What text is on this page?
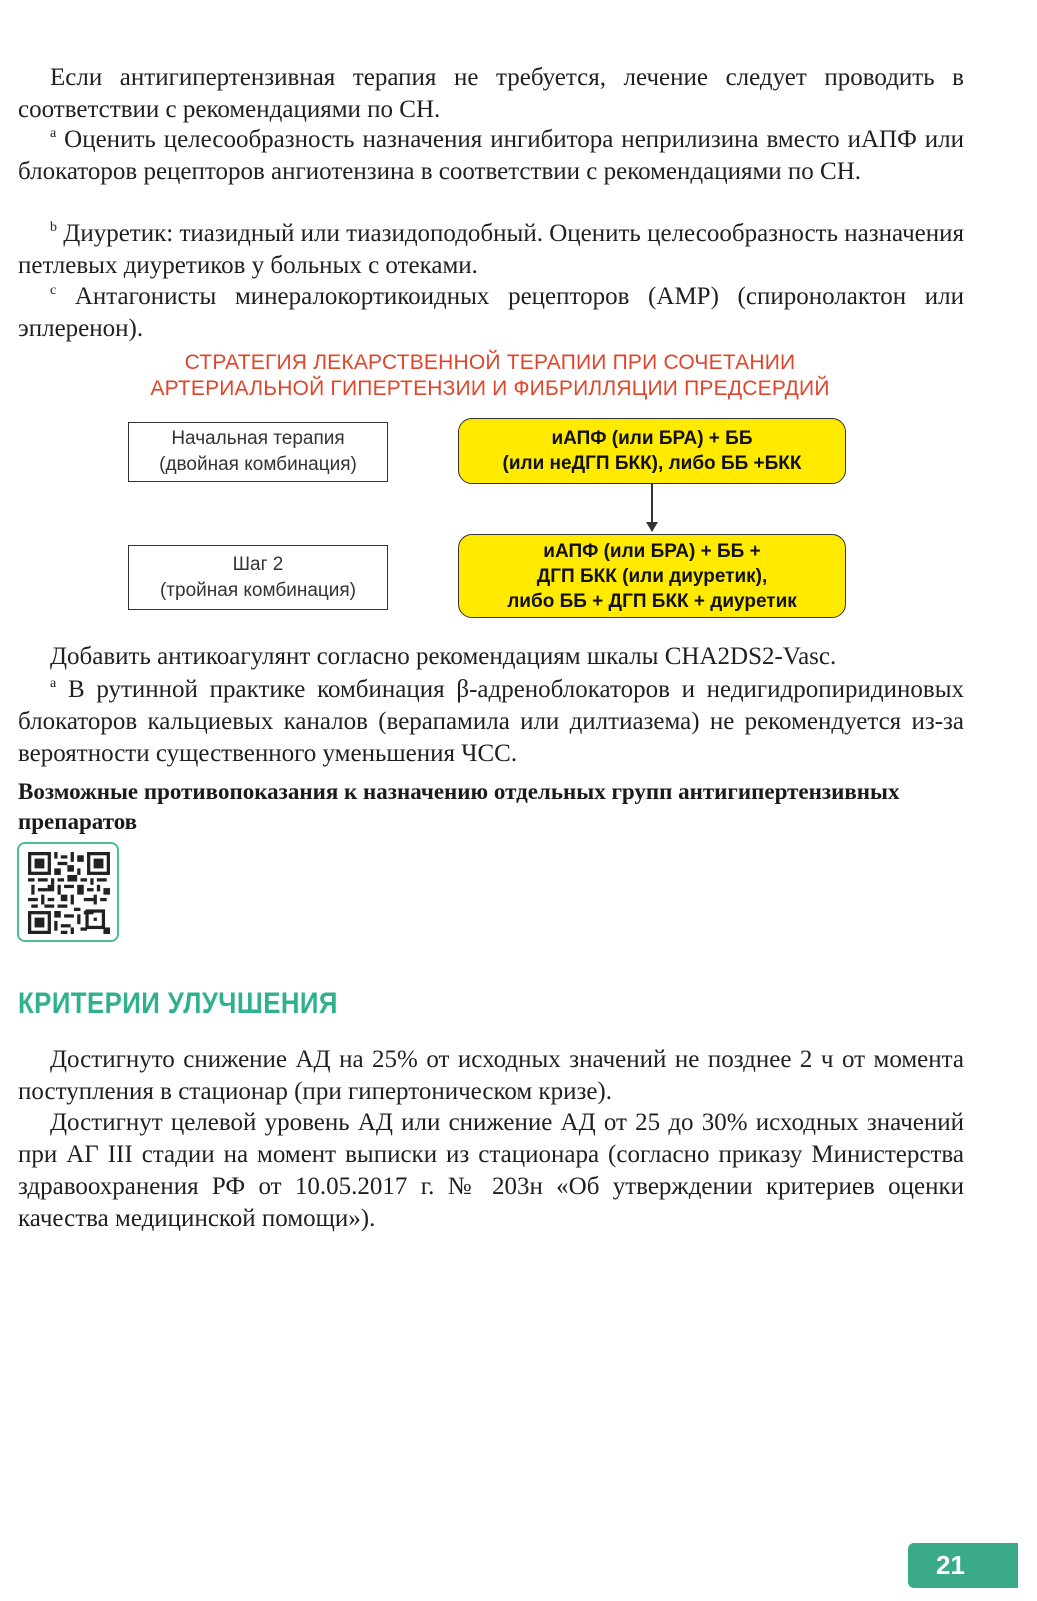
Если антигипертензивная терапия не требуется, лечение следует проводить в соответствии с рекомендациями по СН.

$^a$ Оценить целесообразность назначения ингибитора неприлизина вместо иАПФ или блокаторов рецепторов ангиотензина в соответствии с рекомендациями по СН.

$^b$ Диуретик: тиазидный или тиазидоподобный. Оценить целесообразность назначения петлевых диуретиков у больных с отеками.

$^c$ Антагонисты минералокортикоидных рецепторов (АМР) (спиронолактон или эплеренон).

СТРАТЕГИЯ ЛЕКАРСТВЕННОЙ ТЕРАПИИ ПРИ СОЧЕТАНИИ
АРТЕРИАЛЬНОЙ ГИПЕРТЕНЗИИ И ФИБРИЛЛЯЦИИ ПРЕДСЕРДИЙ
Начальная терапия
(двойная комбинация)
иАПФ (или БРА) + ББ
(или неДГП БКК), либо ББ +БКК
Шаг 2
(тройная комбинация)
иАПФ (или БРА) + ББ +
ДГП БКК (или диуретик),
либо ББ + ДГП БКК + диуретик

Добавить антикоагулянт согласно рекомендациям шкалы CHA2DS2-Vasc.

$^a$ В рутинной практике комбинация β-адреноблокаторов и недигидропиридиновых блокаторов кальциевых каналов (верапамила или дилтиазема) не рекомендуется из-за вероятности существенного уменьшения ЧСС.

Возможные противопоказания к назначению отдельных групп антигипертензивных препаратов
КРИТЕРИИ УЛУЧШЕНИЯ

Достигнуто снижение АД на 25% от исходных значений не позднее 2 ч от момента поступления в стационар (при гипертоническом кризе).

Достигнут целевой уровень АД или снижение АД от 25 до 30% исходных значений при АГ III стадии на момент выписки из стационара (согласно приказу Министерства здравоохранения РФ от 10.05.2017 г. № 203н «Об утверждении критериев оценки качества медицинской помощи»).

21
